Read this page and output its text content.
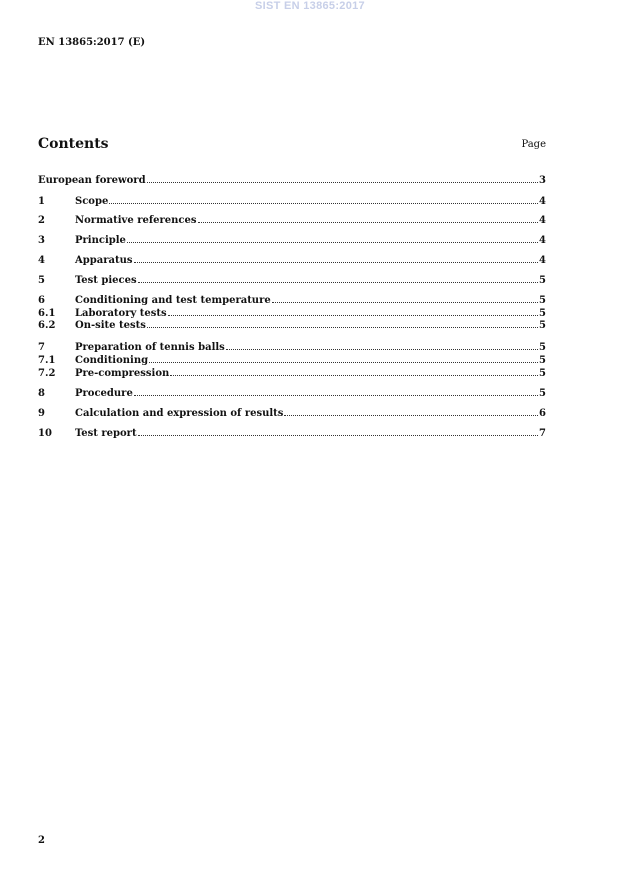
SIST EN 13865:2017
EN 13865:2017 (E)
Contents	Page
European foreword	3
1	Scope	4
2	Normative references	4
3	Principle	4
4	Apparatus	4
5	Test pieces	5
6	Conditioning and test temperature	5
6.1	Laboratory tests	5
6.2	On-site tests	5
7	Preparation of tennis balls	5
7.1	Conditioning	5
7.2	Pre-compression	5
8	Procedure	5
9	Calculation and expression of results	6
10	Test report	7
2
